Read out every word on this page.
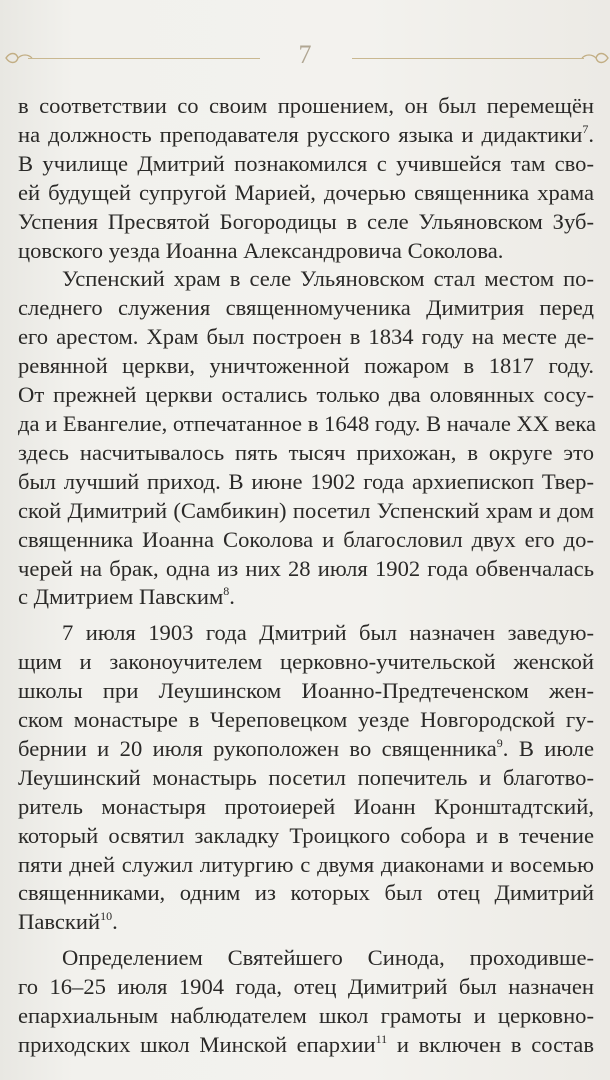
7
в соответствии со своим прошением, он был перемещён
на должность преподавателя русского языка и дидактики$^7$.
В училище Дмитрий познакомился с учившейся там сво-
ей будущей супругой Марией, дочерью священника храма
Успения Пресвятой Богородицы в селе Ульяновском Зуб-
цовского уезда Иоанна Александровича Соколова.
Успенский храм в селе Ульяновском стал местом по-
следнего служения священномученика Димитрия перед
его арестом. Храм был построен в 1834 году на месте де-
ревянной церкви, уничтоженной пожаром в 1817 году.
От прежней церкви остались только два оловянных сосу-
да и Евангелие, отпечатанное в 1648 году. В начале XX века
здесь насчитывалось пять тысяч прихожан, в округе это
был лучший приход. В июне 1902 года архиепископ Твер-
ской Димитрий (Самбикин) посетил Успенский храм и дом
священника Иоанна Соколова и благословил двух его до-
черей на брак, одна из них 28 июля 1902 года обвенчалась
с Дмитрием Павским$^8$.
7 июля 1903 года Дмитрий был назначен заведую-
щим и законоучителем церковно-учительской женской
школы при Леушинском Иоанно-Предтеченском жен-
ском монастыре в Череповецком уезде Новгородской гу-
бернии и 20 июля рукоположен во священника$^9$. В июле
Леушинский монастырь посетил попечитель и благотво-
ритель монастыря протоиерей Иоанн Кронштадтский,
который освятил закладку Троицкого собора и в течение
пяти дней служил литургию с двумя диаконами и восемью
священниками, одним из которых был отец Димитрий
Павский$^{10}$.
Определением Святейшего Синода, проходивше-
го 16–25 июля 1904 года, отец Димитрий был назначен
епархиальным наблюдателем школ грамоты и церковно-
приходских школ Минской епархии$^{11}$ и включен в состав
